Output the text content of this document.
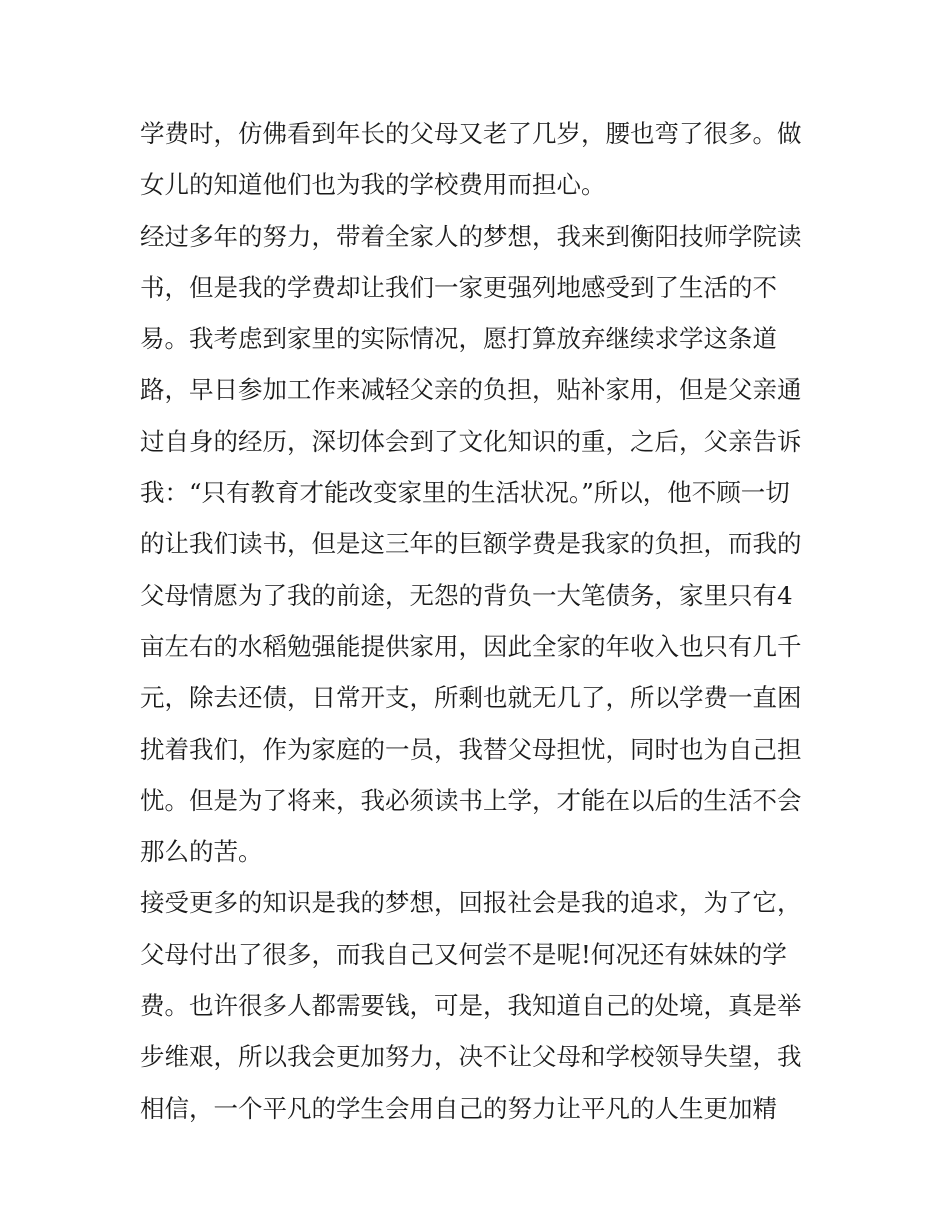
学费时，仿佛看到年长的父母又老了几岁，腰也弯了很多。做
女儿的知道他们也为我的学校费用而担心。
经过多年的努力，带着全家人的梦想，我来到衡阳技师学院读
书，但是我的学费却让我们一家更强列地感受到了生活的不
易。我考虑到家里的实际情况，愿打算放弃继续求学这条道
路，早日参加工作来减轻父亲的负担，贴补家用，但是父亲通
过自身的经历，深切体会到了文化知识的重，之后，父亲告诉
我：“只有教育才能改变家里的生活状况。”所以，他不顾一切
的让我们读书，但是这三年的巨额学费是我家的负担，而我的
父母情愿为了我的前途，无怨的背负一大笔债务，家里只有4
亩左右的水稻勉强能提供家用，因此全家的年收入也只有几千
元，除去还债，日常开支，所剩也就无几了，所以学费一直困
扰着我们，作为家庭的一员，我替父母担忧，同时也为自己担
忧。但是为了将来，我必须读书上学，才能在以后的生活不会
那么的苦。
接受更多的知识是我的梦想，回报社会是我的追求，为了它，
父母付出了很多，而我自己又何尝不是呢!何况还有妹妹的学
费。也许很多人都需要钱，可是，我知道自己的处境，真是举
步维艰，所以我会更加努力，决不让父母和学校领导失望，我
相信，一个平凡的学生会用自己的努力让平凡的人生更加精
